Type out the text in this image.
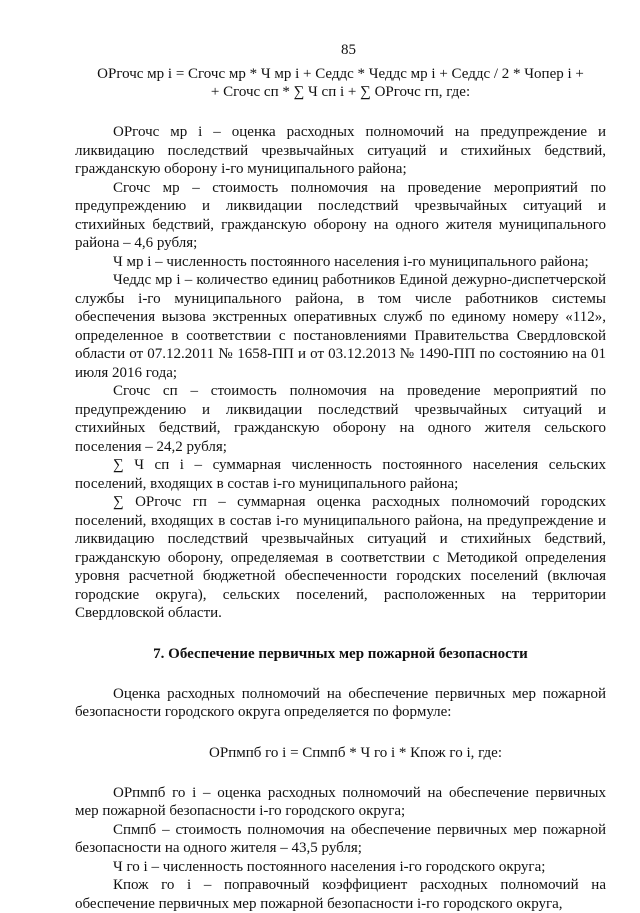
85

ОРгочс мр i = Сгочс мр * Ч мр i + Седдс * Чеддс мр i + Седдс / 2 * Чопер i +

+ Сгочс сп * ∑ Ч сп i + ∑ ОРгочс гп, где:

ОРгочс мр i – оценка расходных полномочий на предупреждение и ликвидацию последствий чрезвычайных ситуаций и стихийных бедствий, гражданскую оборону i-го муниципального района;

Сгочс мр – стоимость полномочия на проведение мероприятий по предупреждению и ликвидации последствий чрезвычайных ситуаций и стихийных бедствий, гражданскую оборону на одного жителя муниципального района – 4,6 рубля;

Ч мр i – численность постоянного населения i-го муниципального района;

Чеддс мр i – количество единиц работников Единой дежурно-диспетчерской службы i-го муниципального района, в том числе работников системы обеспечения вызова экстренных оперативных служб по единому номеру «112», определенное в соответствии с постановлениями Правительства Свердловской области от 07.12.2011 № 1658-ПП и от 03.12.2013 № 1490-ПП по состоянию на 01 июля 2016 года;

Сгочс сп – стоимость полномочия на проведение мероприятий по предупреждению и ликвидации последствий чрезвычайных ситуаций и стихийных бедствий, гражданскую оборону на одного жителя сельского поселения – 24,2 рубля;

∑ Ч сп i – суммарная численность постоянного населения сельских поселений, входящих в состав i-го муниципального района;

∑ ОРгочс гп – суммарная оценка расходных полномочий городских поселений, входящих в состав i-го муниципального района, на предупреждение и ликвидацию последствий чрезвычайных ситуаций и стихийных бедствий, гражданскую оборону, определяемая в соответствии с Методикой определения уровня расчетной бюджетной обеспеченности городских поселений (включая городские округа), сельских поселений, расположенных на территории Свердловской области.

7. Обеспечение первичных мер пожарной безопасности

Оценка расходных полномочий на обеспечение первичных мер пожарной безопасности городского округа определяется по формуле:

ОРпмпб го i = Спмпб * Ч го i * Кпож го i, где:

ОРпмпб го i – оценка расходных полномочий на обеспечение первичных мер пожарной безопасности i-го городского округа;

Спмпб – стоимость полномочия на обеспечение первичных мер пожарной безопасности на одного жителя – 43,5 рубля;

Ч го i – численность постоянного населения i-го городского округа;

Кпож го i – поправочный коэффициент расходных полномочий на обеспечение первичных мер пожарной безопасности i-го городского округа,
